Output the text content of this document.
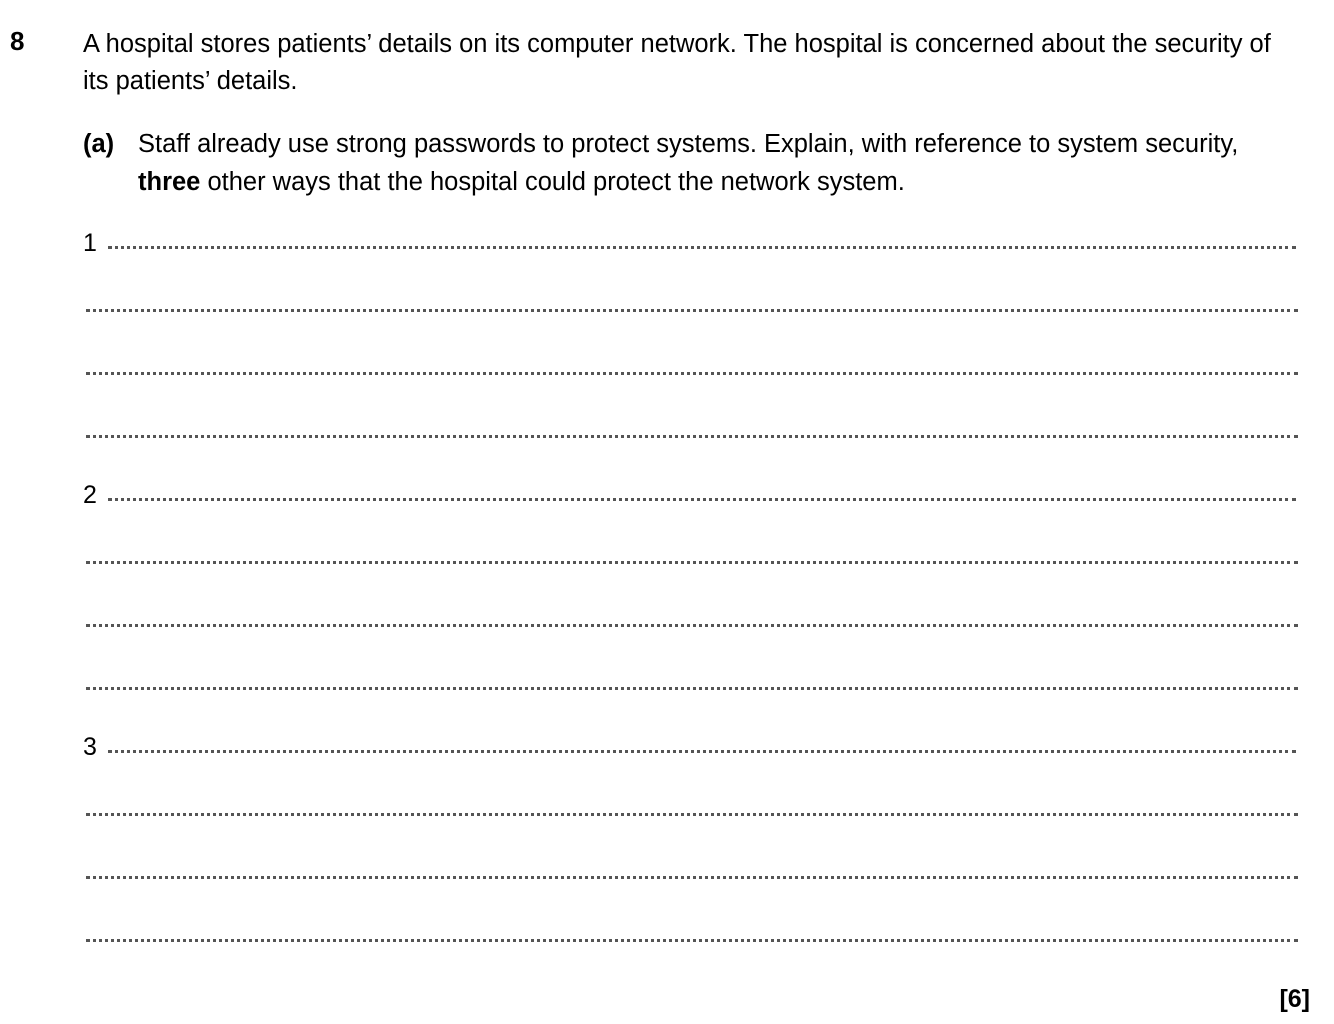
8 A hospital stores patients’ details on its computer network. The hospital is concerned about the security of its patients’ details.
(a) Staff already use strong passwords to protect systems. Explain, with reference to system security, three other ways that the hospital could protect the network system.
1
2
3
[6]
